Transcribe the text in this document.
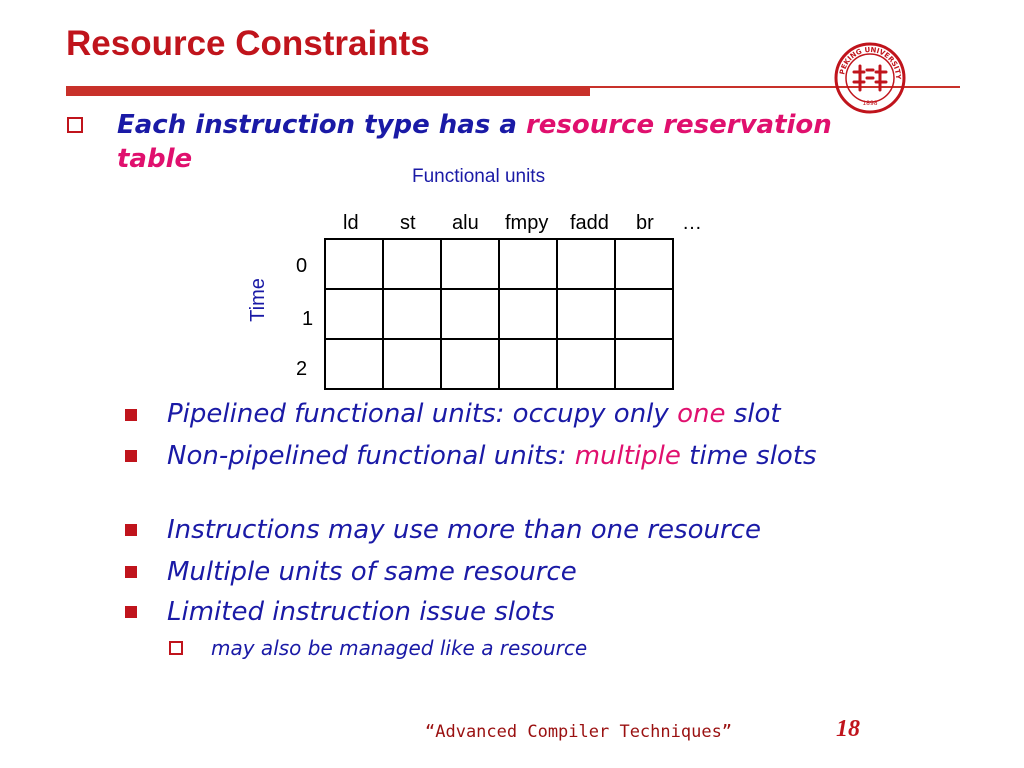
Resource Constraints
PEKING UNIVERSITY
1898
Each instruction type has a resource reservation table
Functional units
ld st alu fmpy fadd br …
0
1
2
Time

Pipelined functional units: occupy only one slot
Non-pipelined functional units: multiple time slots
Instructions may use more than one resource
Multiple units of same resource
Limited instruction issue slots
may also be managed like a resource
“Advanced Compiler Techniques”	18
